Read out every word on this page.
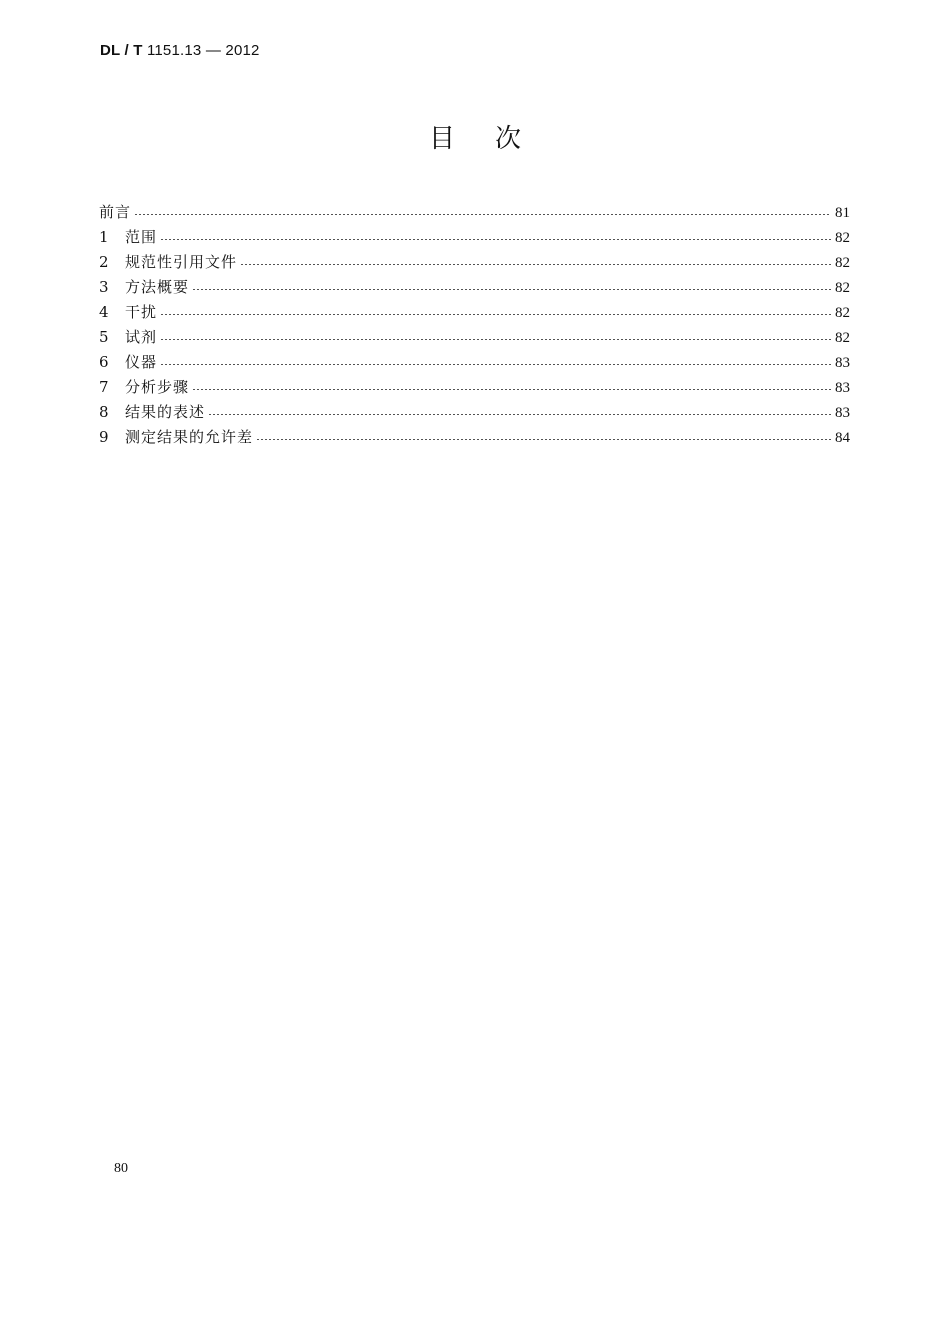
DL / T 1151.13 — 2012
目次
前言	81
1	范围	82
2	规范性引用文件	82
3	方法概要	82
4	干扰	82
5	试剂	82
6	仪器	83
7	分析步骤	83
8	结果的表述	83
9	测定结果的允许差	84
80
